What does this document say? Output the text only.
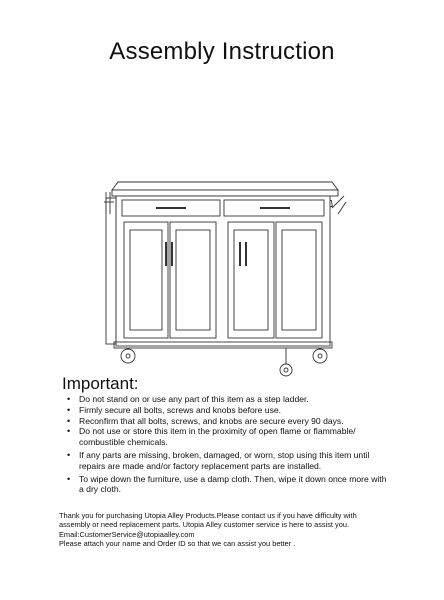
Assembly Instruction
Important:
• Do not stand on or use any part of this item as a step ladder.
• Firmly secure all bolts, screws and knobs before use.
• Reconfirm that all bolts, screws, and knobs are secure every 90 days.
• Do not use or store this item in the proximity of open flame or flammable/ combustible chemicals.
• If any parts are missing, broken, damaged, or worn, stop using this item until repairs are made and/or factory replacement parts are installed.
• To wipe down the furniture, use a damp cloth. Then, wipe it down once more with a dry cloth.
Thank you for purchasing Utopia Alley Products.Please contact us if you have difficulty with
assembly or need replacement parts. Utopia Alley customer service is here to assist you.
Email:CustomerService@utopiaalley.com
Please attach your name and Order ID so that we can assist you better .
